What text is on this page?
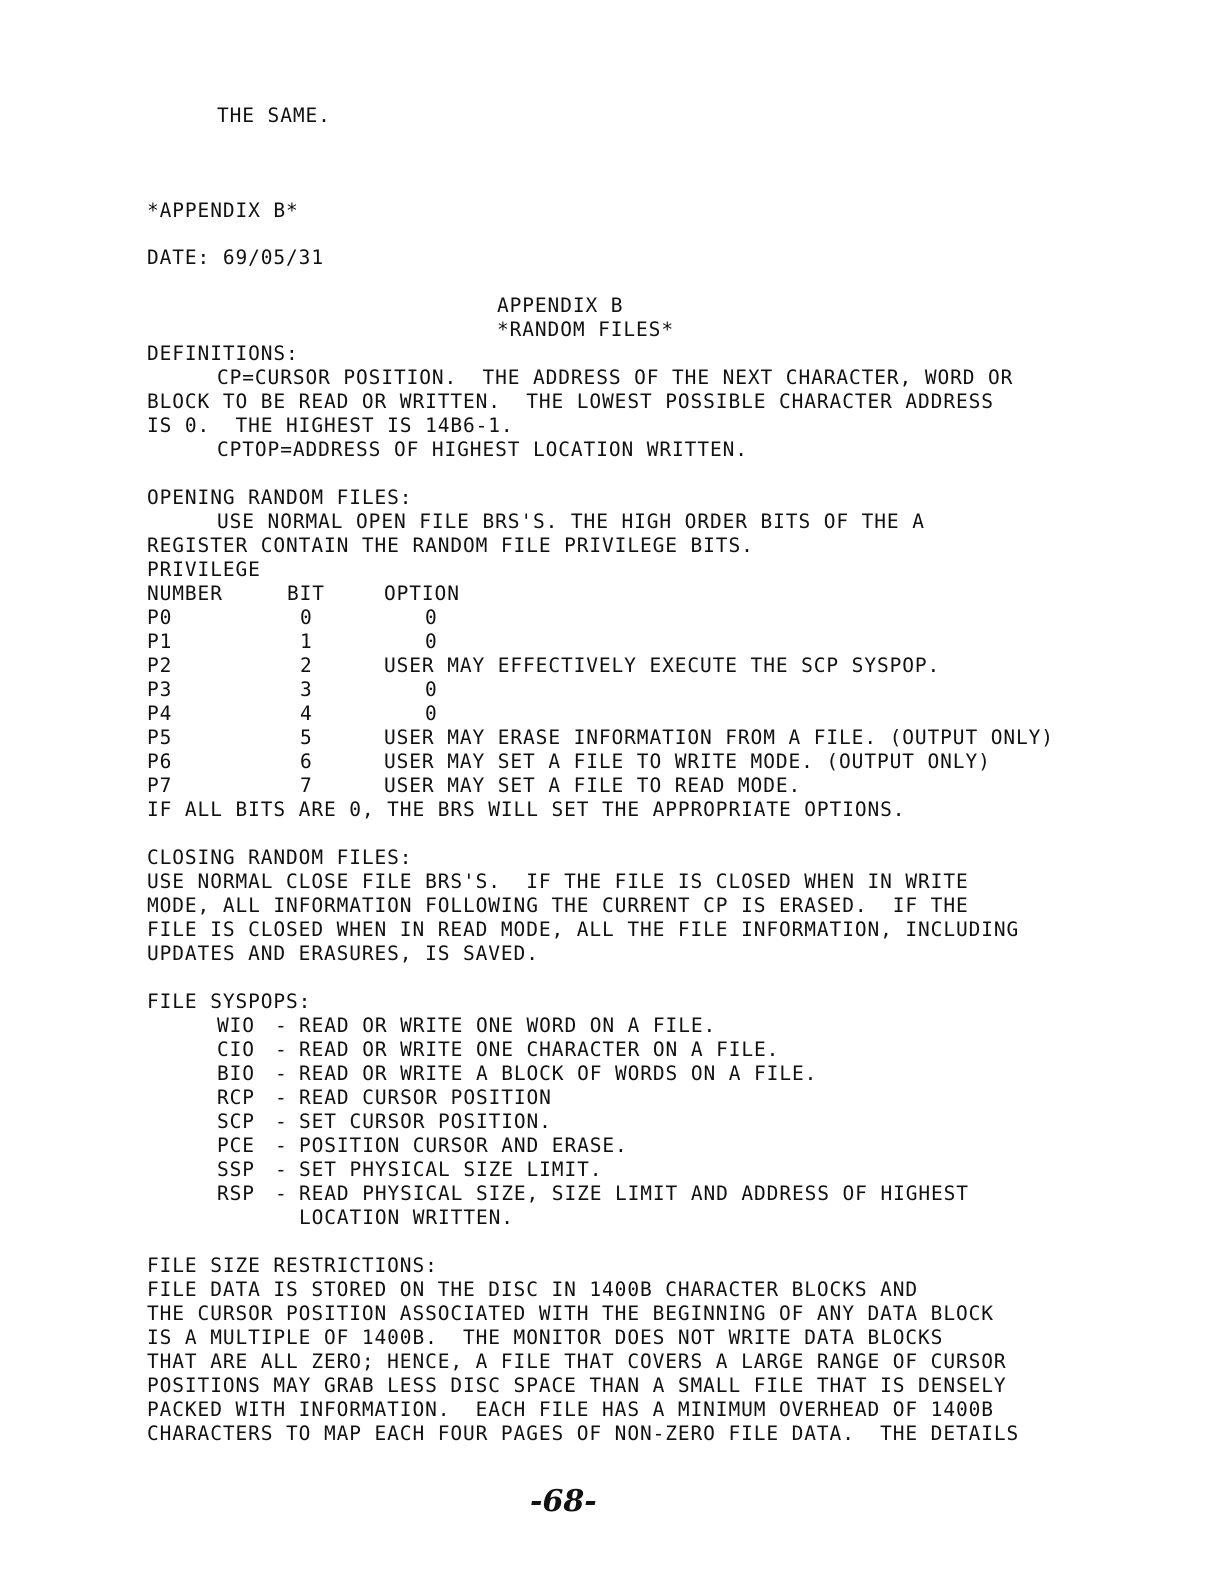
THE SAME.
*APPENDIX B*
DATE: 69/05/31
APPENDIX B
*RANDOM FILES*
DEFINITIONS:
CP=CURSOR POSITION.  THE ADDRESS OF THE NEXT CHARACTER, WORD OR
BLOCK TO BE READ OR WRITTEN.  THE LOWEST POSSIBLE CHARACTER ADDRESS
IS 0.  THE HIGHEST IS 14B6-1.
CPTOP=ADDRESS OF HIGHEST LOCATION WRITTEN.
OPENING RANDOM FILES:
USE NORMAL OPEN FILE BRS'S. THE HIGH ORDER BITS OF THE A
REGISTER CONTAIN THE RANDOM FILE PRIVILEGE BITS.
PRIVILEGE
NUMBER	BIT	OPTION
P0	0	0
P1	1	0
P2	2	USER MAY EFFECTIVELY EXECUTE THE SCP SYSPOP.
P3	3	0
P4	4	0
P5	5	USER MAY ERASE INFORMATION FROM A FILE. (OUTPUT ONLY)
P6	6	USER MAY SET A FILE TO WRITE MODE. (OUTPUT ONLY)
P7	7	USER MAY SET A FILE TO READ MODE.
IF ALL BITS ARE 0, THE BRS WILL SET THE APPROPRIATE OPTIONS.
CLOSING RANDOM FILES:
USE NORMAL CLOSE FILE BRS'S.  IF THE FILE IS CLOSED WHEN IN WRITE
MODE, ALL INFORMATION FOLLOWING THE CURRENT CP IS ERASED.  IF THE
FILE IS CLOSED WHEN IN READ MODE, ALL THE FILE INFORMATION, INCLUDING
UPDATES AND ERASURES, IS SAVED.
FILE SYSPOPS:
WIO - READ OR WRITE ONE WORD ON A FILE.
CIO - READ OR WRITE ONE CHARACTER ON A FILE.
BIO - READ OR WRITE A BLOCK OF WORDS ON A FILE.
RCP - READ CURSOR POSITION
SCP - SET CURSOR POSITION.
PCE - POSITION CURSOR AND ERASE.
SSP - SET PHYSICAL SIZE LIMIT.
RSP - READ PHYSICAL SIZE, SIZE LIMIT AND ADDRESS OF HIGHEST
LOCATION WRITTEN.
FILE SIZE RESTRICTIONS:
FILE DATA IS STORED ON THE DISC IN 1400B CHARACTER BLOCKS AND
THE CURSOR POSITION ASSOCIATED WITH THE BEGINNING OF ANY DATA BLOCK
IS A MULTIPLE OF 1400B.  THE MONITOR DOES NOT WRITE DATA BLOCKS
THAT ARE ALL ZERO; HENCE, A FILE THAT COVERS A LARGE RANGE OF CURSOR
POSITIONS MAY GRAB LESS DISC SPACE THAN A SMALL FILE THAT IS DENSELY
PACKED WITH INFORMATION.  EACH FILE HAS A MINIMUM OVERHEAD OF 1400B
CHARACTERS TO MAP EACH FOUR PAGES OF NON-ZERO FILE DATA.  THE DETAILS
-68-
